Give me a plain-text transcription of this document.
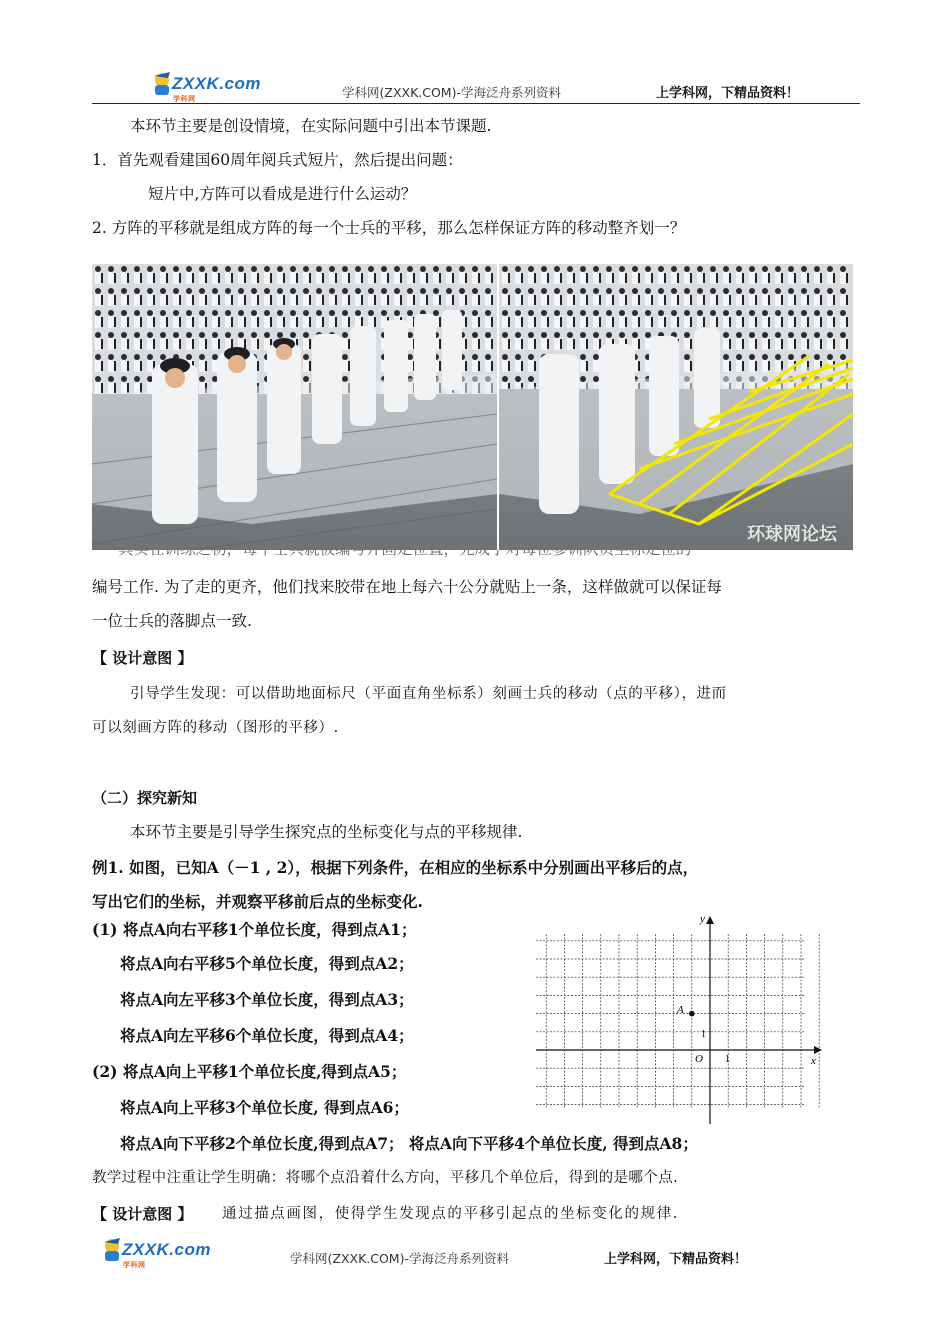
ZXXK.com$^{学科网}$	学科网(ZXXK.COM)-学海泛舟系列资料	上学科网，下精品资料！
本环节主要是创设情境，在实际问题中引出本节课题.
1．首先观看建国60周年阅兵式短片，然后提出问题：
短片中,方阵可以看成是进行什么运动？
2. 方阵的平移就是组成方阵的每一个士兵的平移，那么怎样保证方阵的移动整齐划一？
环球网论坛
编号工作. 为了走的更齐，他们找来胶带在地上每六十公分就贴上一条，这样做就可以保证每
一位士兵的落脚点一致.
【 设计意图 】
引导学生发现：可以借助地面标尺（平面直角坐标系）刻画士兵的移动（点的平移），进而
可以刻画方阵的移动（图形的平移）.
（二）探究新知
本环节主要是引导学生探究点的坐标变化与点的平移规律.
例1. 如图，已知A（－1 , 2），根据下列条件，在相应的坐标系中分别画出平移后的点，
写出它们的坐标，并观察平移前后点的坐标变化.
(1) 将点A向右平移1个单位长度，得到点A1；
将点A向右平移5个单位长度，得到点A2；
将点A向左平移3个单位长度，得到点A3；
将点A向左平移6个单位长度，得到点A4；
(2) 将点A向上平移1个单位长度,得到点A5；
将点A向上平移3个单位长度, 得到点A6；
将点A向下平移2个单位长度,得到点A7； 将点A向下平移4个单位长度, 得到点A8；
y
x
O
A
1
1
教学过程中注重让学生明确：将哪个点沿着什么方向，平移几个单位后，得到的是哪个点.
【 设计意图 】 通过描点画图，使得学生发现点的平移引起点的坐标变化的规律.
ZXXK.com$^{学科网}$	学科网(ZXXK.COM)-学海泛舟系列资料	上学科网，下精品资料！
